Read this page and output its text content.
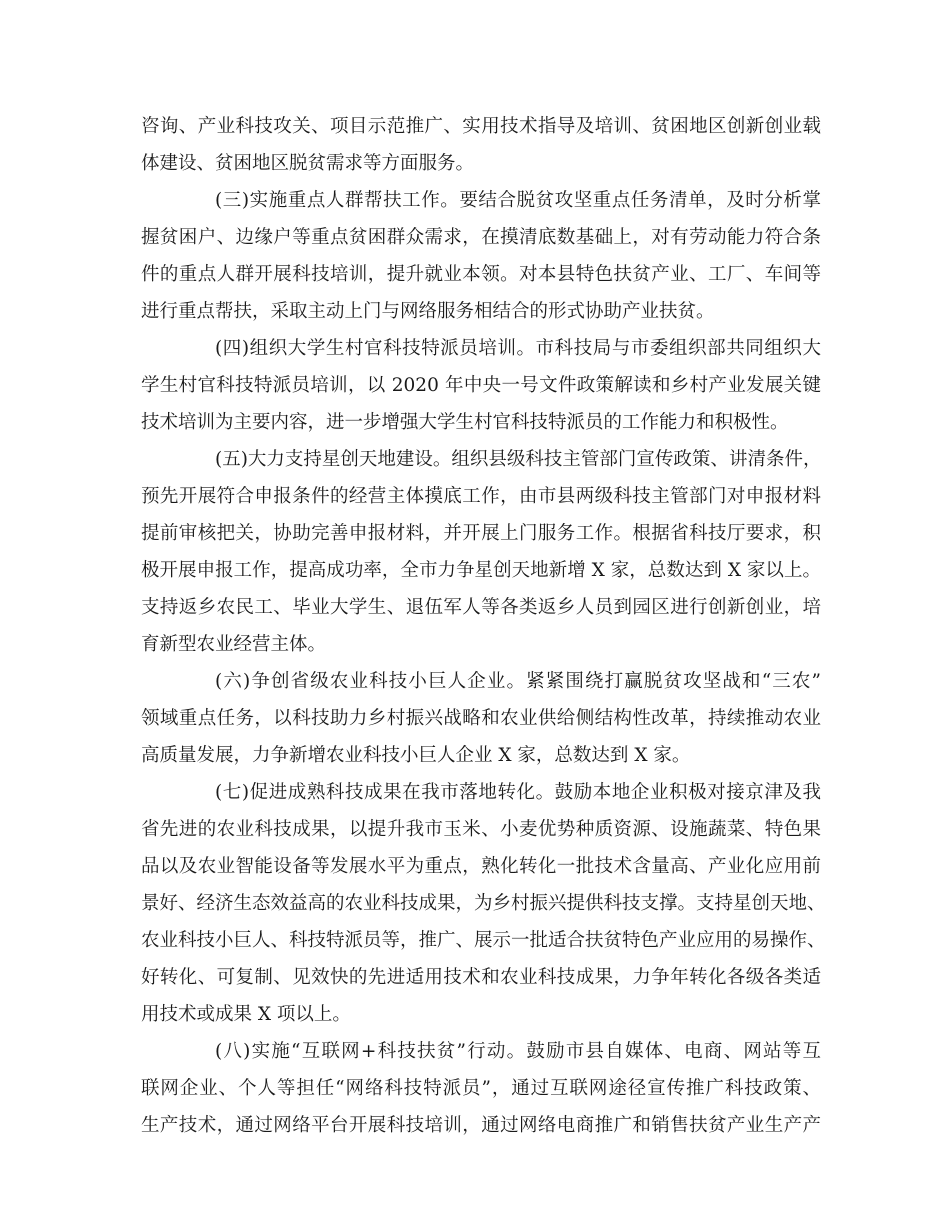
咨询、产业科技攻关、项目示范推广、实用技术指导及培训、贫困地区创新创业载
体建设、贫困地区脱贫需求等方面服务。
(三)实施重点人群帮扶工作。要结合脱贫攻坚重点任务清单，及时分析掌
握贫困户、边缘户等重点贫困群众需求，在摸清底数基础上，对有劳动能力符合条
件的重点人群开展科技培训，提升就业本领。对本县特色扶贫产业、工厂、车间等
进行重点帮扶，采取主动上门与网络服务相结合的形式协助产业扶贫。
(四)组织大学生村官科技特派员培训。市科技局与市委组织部共同组织大
学生村官科技特派员培训，以 2020 年中央一号文件政策解读和乡村产业发展关键
技术培训为主要内容，进一步增强大学生村官科技特派员的工作能力和积极性。
(五)大力支持星创天地建设。组织县级科技主管部门宣传政策、讲清条件，
预先开展符合申报条件的经营主体摸底工作，由市县两级科技主管部门对申报材料
提前审核把关，协助完善申报材料，并开展上门服务工作。根据省科技厅要求，积
极开展申报工作，提高成功率，全市力争星创天地新增 X 家，总数达到 X 家以上。
支持返乡农民工、毕业大学生、退伍军人等各类返乡人员到园区进行创新创业，培
育新型农业经营主体。
(六)争创省级农业科技小巨人企业。紧紧围绕打赢脱贫攻坚战和“三农”
领域重点任务，以科技助力乡村振兴战略和农业供给侧结构性改革，持续推动农业
高质量发展，力争新增农业科技小巨人企业 X 家，总数达到 X 家。
(七)促进成熟科技成果在我市落地转化。鼓励本地企业积极对接京津及我
省先进的农业科技成果，以提升我市玉米、小麦优势种质资源、设施蔬菜、特色果
品以及农业智能设备等发展水平为重点，熟化转化一批技术含量高、产业化应用前
景好、经济生态效益高的农业科技成果，为乡村振兴提供科技支撑。支持星创天地、
农业科技小巨人、科技特派员等，推广、展示一批适合扶贫特色产业应用的易操作、
好转化、可复制、见效快的先进适用技术和农业科技成果，力争年转化各级各类适
用技术或成果 X 项以上。
(八)实施“互联网+科技扶贫”行动。鼓励市县自媒体、电商、网站等互
联网企业、个人等担任“网络科技特派员”，通过互联网途径宣传推广科技政策、
生产技术，通过网络平台开展科技培训，通过网络电商推广和销售扶贫产业生产产
